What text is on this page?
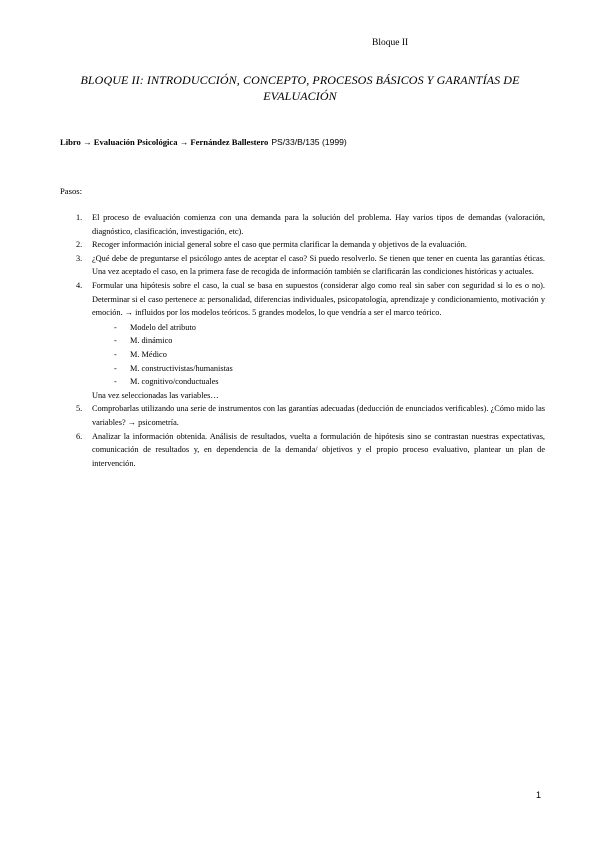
Bloque II
BLOQUE II: INTRODUCCIÓN, CONCEPTO, PROCESOS BÁSICOS Y GARANTÍAS DE
EVALUACIÓN
Libro → Evaluación Psicológica → Fernández Ballestero PS/33/B/135 (1999)
Pasos:
1. El proceso de evaluación comienza con una demanda para la solución del problema. Hay varios tipos de demandas (valoración, diagnóstico, clasificación, investigación, etc).

2. Recoger información inicial general sobre el caso que permita clarificar la demanda y objetivos de la evaluación.

3. ¿Qué debe de preguntarse el psicólogo antes de aceptar el caso? Si puedo resolverlo. Se tienen que tener en cuenta las garantías éticas. Una vez aceptado el caso, en la primera fase de recogida de información también se clarificarán las condiciones históricas y actuales.

4. Formular una hipótesis sobre el caso, la cual se basa en supuestos (considerar algo como real sin saber con seguridad si lo es o no). Determinar si el caso pertenece a: personalidad, diferencias individuales, psicopatología, aprendizaje y condicionamiento, motivación y emoción. → influidos por los modelos teóricos. 5 grandes modelos, lo que vendría a ser el marco teórico.

- Modelo del atributo
- M. dinámico
- M. Médico
- M. constructivistas/humanistas
- M. cognitivo/conductuales

Una vez seleccionadas las variables…

5. Comprobarlas utilizando una serie de instrumentos con las garantías adecuadas (deducción de enunciados verificables). ¿Cómo mido las variables? → psicometría.

6. Analizar la información obtenida. Análisis de resultados, vuelta a formulación de hipótesis sino se contrastan nuestras expectativas, comunicación de resultados y, en dependencia de la demanda/ objetivos y el propio proceso evaluativo, plantear un plan de intervención.

1
